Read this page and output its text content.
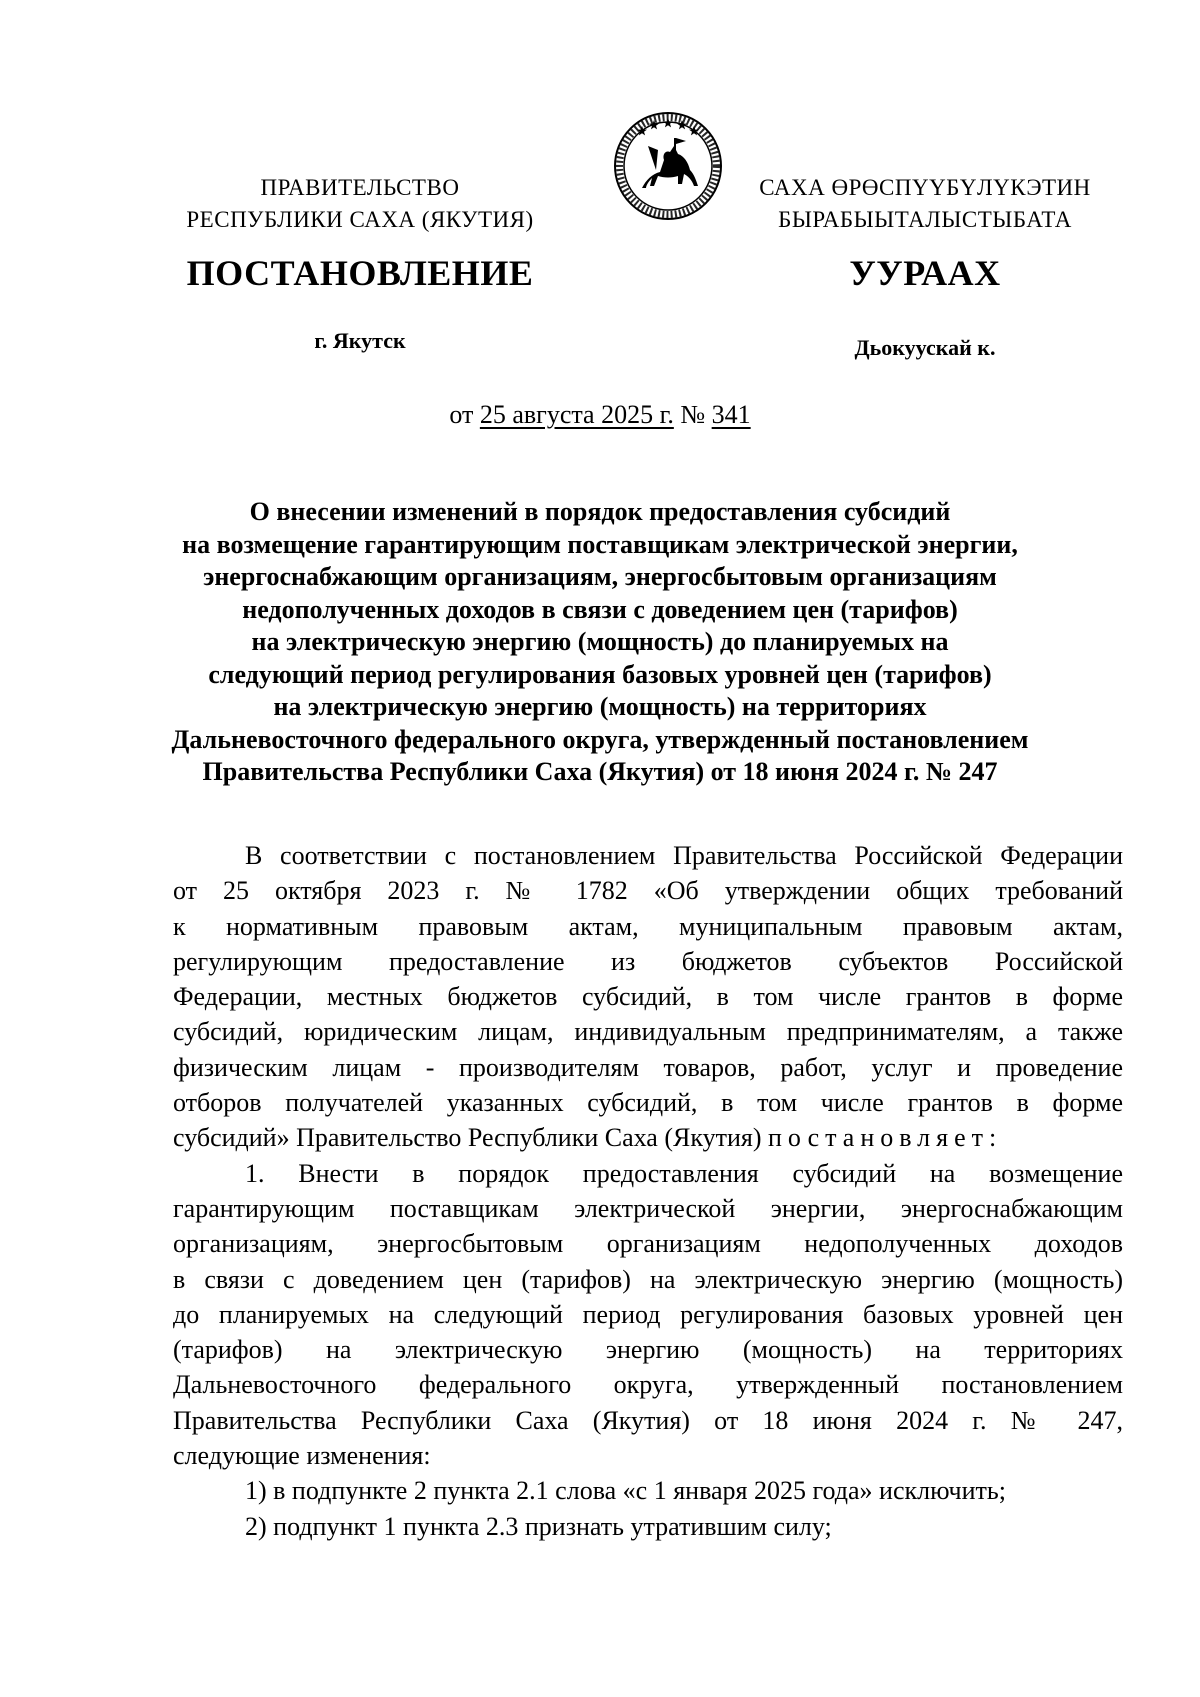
ПРАВИТЕЛЬСТВО
РЕСПУБЛИКИ САХА (ЯКУТИЯ)
САХА ӨРӨСПҮҮБҮЛҮКЭТИН
БЫРАБЫЫТАЛЫСТЫБАТА
ПОСТАНОВЛЕНИЕ	УУРААХ
г. Якутск	Дьокуускай к.
от 25 августа 2025 г. № 341
О внесении изменений в порядок предоставления субсидий
на возмещение гарантирующим поставщикам электрической энергии,
энергоснабжающим организациям, энергосбытовым организациям
недополученных доходов в связи с доведением цен (тарифов)
на электрическую энергию (мощность) до планируемых на
следующий период регулирования базовых уровней цен (тарифов)
на электрическую энергию (мощность) на территориях
Дальневосточного федерального округа, утвержденный постановлением
Правительства Республики Саха (Якутия) от 18 июня 2024 г. № 247
В соответствии с постановлением Правительства Российской Федерации
от 25 октября 2023 г. № 1782 «Об утверждении общих требований
к нормативным правовым актам, муниципальным правовым актам,
регулирующим предоставление из бюджетов субъектов Российской
Федерации, местных бюджетов субсидий, в том числе грантов в форме
субсидий, юридическим лицам, индивидуальным предпринимателям, а также
физическим лицам - производителям товаров, работ, услуг и проведение
отборов получателей указанных субсидий, в том числе грантов в форме
субсидий» Правительство Республики Саха (Якутия) постановляет:
1. Внести в порядок предоставления субсидий на возмещение
гарантирующим поставщикам электрической энергии, энергоснабжающим
организациям, энергосбытовым организациям недополученных доходов
в связи с доведением цен (тарифов) на электрическую энергию (мощность)
до планируемых на следующий период регулирования базовых уровней цен
(тарифов) на электрическую энергию (мощность) на территориях
Дальневосточного федерального округа, утвержденный постановлением
Правительства Республики Саха (Якутия) от 18 июня 2024 г. № 247,
следующие изменения:
1) в подпункте 2 пункта 2.1 слова «с 1 января 2025 года» исключить;
2) подпункт 1 пункта 2.3 признать утратившим силу;
